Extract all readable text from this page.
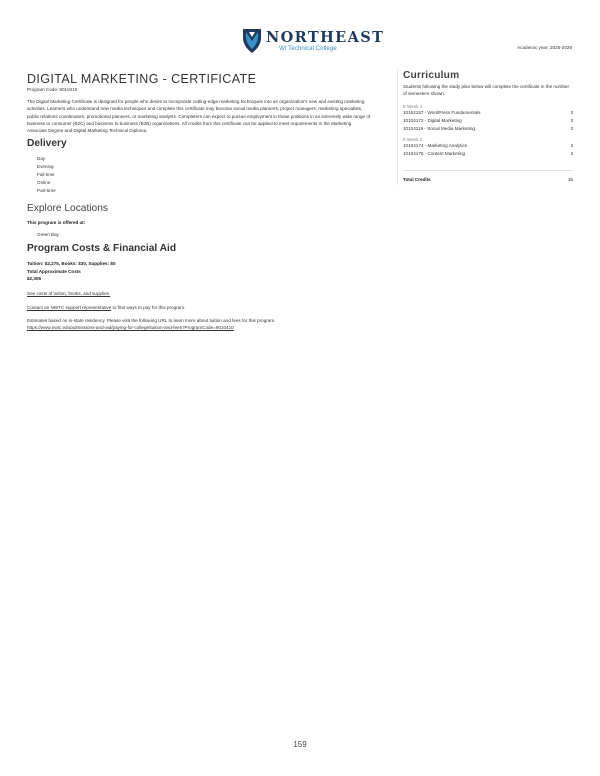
NORTHEAST
WI Technical College	Academic year: 2025-2026
DIGITAL MARKETING - CERTIFICATE
Program Code: 9010410

The Digital Marketing Certificate is designed for people who desire to incorporate cutting-edge marketing techniques into an organization's new and existing marketing activities. Learners who understand new media techniques and complete this certificate may become social media planners, project managers, marketing specialists, public relations coordinators, promotional planners, or marketing analysts. Completers can expect to pursue employment in these positions in an extremely wide range of business to consumer (B2C) and business to business (B2B) organizations. All credits from this certificate can be applied to meet requirements in the Marketing Associate Degree and Digital Marketing Technical Diploma.

Delivery
Day
Evening
Full-time
Online
Part-time
Explore Locations
This program is offered at:
Green Bay
Program Costs & Financial Aid
Tuition: $2,275, Books: $30, Supplies: $0
Total Approximate Costs
$2,305
See costs of tuition, books, and supplies.
Contact an NWTC support representative to find ways to pay for this program.
Estimates based on in-state residency. Please visit the following URL to learn more about tuition and fees for this program.
https://www.nwtc.edu/admissions-and-aid/paying-for-college/tuition-and-fees?ProgramCode=9010410
Curriculum
Students following the study plan below will complete the certificate in the number of semesters shown.
8 Week 1
10152157 - WordPress Fundamentals	3
10104172 - Digital Marketing	3
10104119 - Social Media Marketing	3
8 Week 2
10104174 - Marketing Analytics	3
10104175 - Content Marketing	3
Total Credits	15
159
